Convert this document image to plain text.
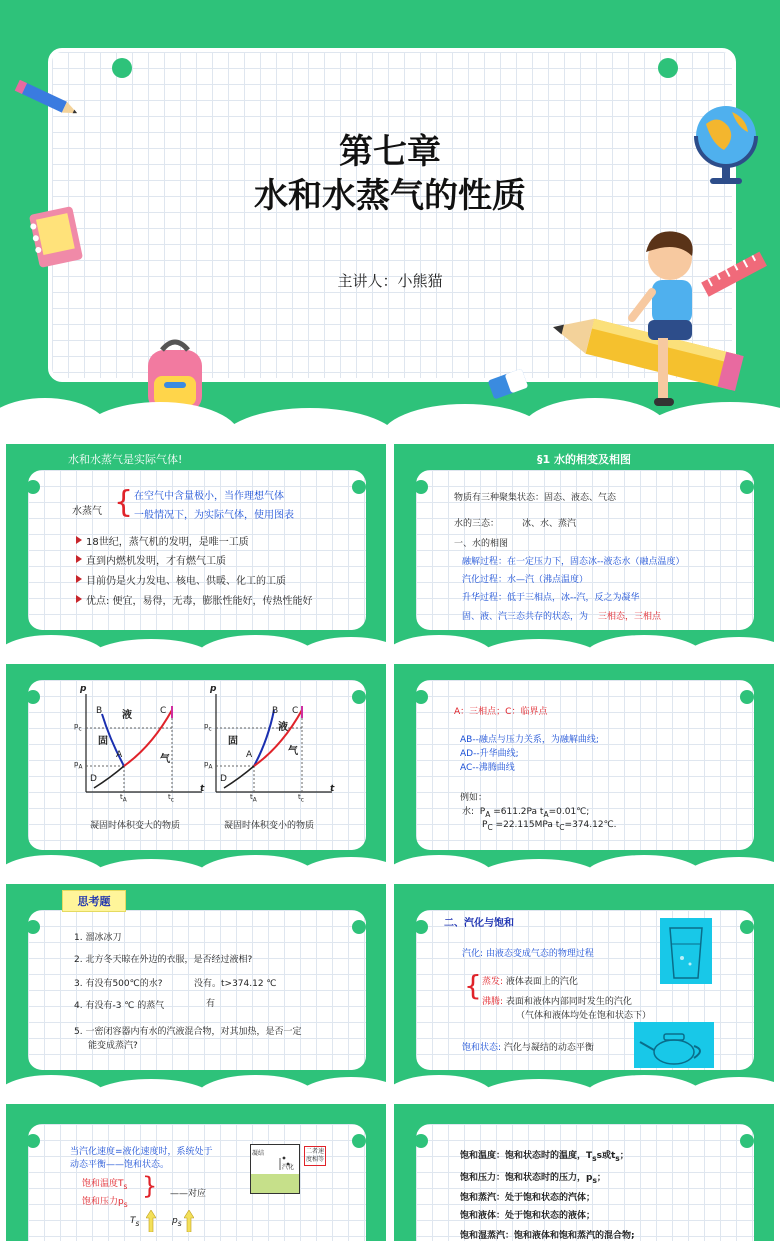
第七章
水和水蒸气的性质
主讲人：小熊猫
水和水蒸气是实际气体!
水蒸气 { 在空气中含量极小，当作理想气体
一般情况下，为实际气体，使用图表
18世纪，蒸气机的发明，是唯一工质
直到内燃机发明，才有燃气工质
目前仍是火力发电、核电、供暖、化工的工质
优点: 便宜，易得，无毒，膨胀性能好，传热性能好
§1 水的相变及相图
物质有三种聚集状态：固态、液态、气态
水的三态：	冰、水、蒸汽
一、水的相图
融解过程：在一定压力下，固态冰--液态水（融点温度）
汽化过程：水—汽（沸点温度）
升华过程：低于三相点，冰--汽，反之为凝华
固、液、汽三态共存的状态，为 三相态，三相点
p
t
B	C
A
D
液
固
气
$p_c$
$p_A$
$t_A$	$t_c$
凝固时体积变大的物质
p
t
B C
A
D
液
固
气
$p_c$
$p_A$
$t_A$	$t_c$
凝固时体积变小的物质
A：三相点；C：临界点
AB--融点与压力关系，为融解曲线;
AD--升华曲线;
AC--沸腾曲线
例如：
水: $P_A =611.2Pa$ $t_A=0.01℃$;
$P_C =22.115MPa$ $t_C=374.12℃$.
思考题
1. 溜冰冰刀
2. 北方冬天晾在外边的衣服，是否经过液相?
3. 有没有500℃的水?	没有。t>374.12 ℃
4. 有没有-3 ℃ 的蒸气	有
5. 一密闭容器内有水的汽液混合物，对其加热，是否一定
能变成蒸汽?
二、汽化与饱和
汽化: 由液态变成气态的物理过程
{ 蒸发: 液体表面上的汽化
沸腾: 表面和液体内部同时发生的汽化
（气体和液体均处在饱和状态下）
饱和状态: 汽化与凝结的动态平衡
当汽化速度=液化速度时，系统处于
动态平衡——饱和状态。
饱和温度$T_s$
饱和压力$p_s$
} ——对应
$T_s$	$p_s$
凝结
汽化
二者速度相等	饱和温度：饱和状态时的温度，$T_ss$或$t_s$；
饱和压力：饱和状态时的压力，$p_s$；
饱和蒸汽：处于饱和状态的汽体；
饱和液体：处于饱和状态的液体；
饱和湿蒸汽：饱和液体和饱和蒸汽的混合物;
